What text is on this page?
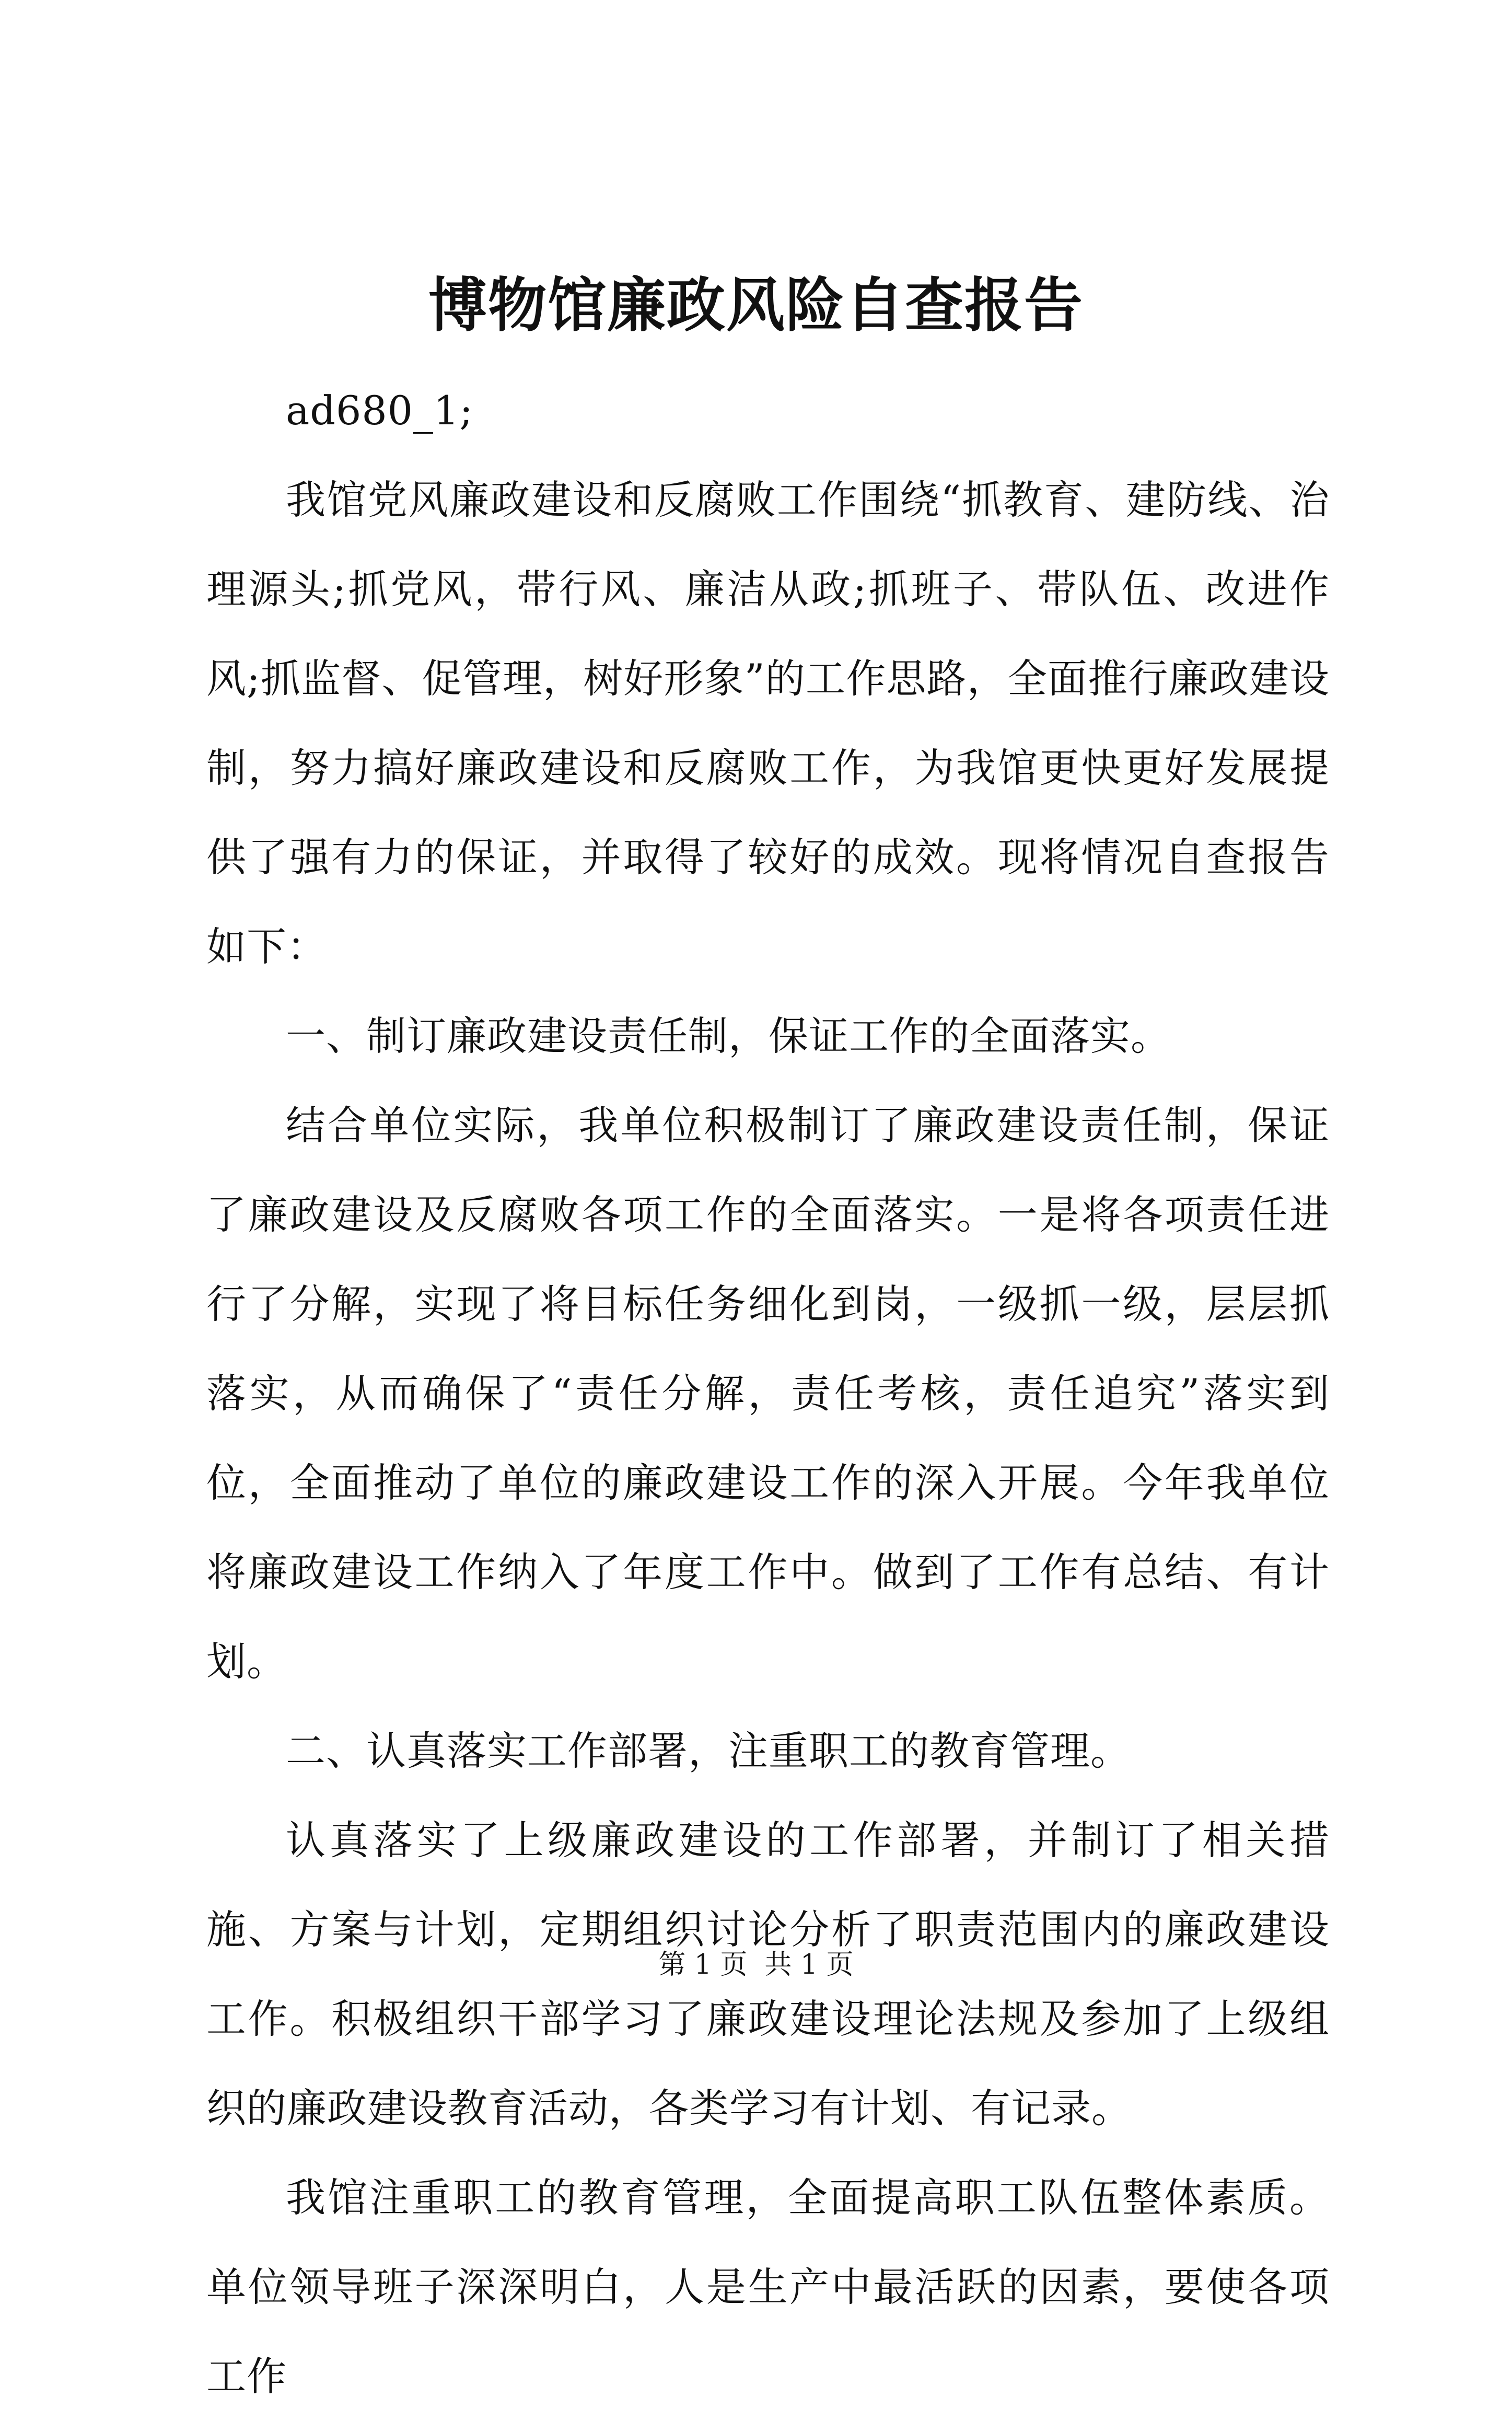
博物馆廉政风险自查报告

ad680_1;

我馆党风廉政建设和反腐败工作围绕“抓教育、建防线、治理源头;抓党风，带行风、廉洁从政;抓班子、带队伍、改进作风;抓监督、促管理，树好形象”的工作思路，全面推行廉政建设制，努力搞好廉政建设和反腐败工作，为我馆更快更好发展提供了强有力的保证，并取得了较好的成效。现将情况自查报告如下：

一、制订廉政建设责任制，保证工作的全面落实。

结合单位实际，我单位积极制订了廉政建设责任制，保证了廉政建设及反腐败各项工作的全面落实。一是将各项责任进行了分解，实现了将目标任务细化到岗，一级抓一级，层层抓落实，从而确保了“责任分解，责任考核，责任追究”落实到位，全面推动了单位的廉政建设工作的深入开展。今年我单位将廉政建设工作纳入了年度工作中。做到了工作有总结、有计划。

二、认真落实工作部署，注重职工的教育管理。

认真落实了上级廉政建设的工作部署，并制订了相关措施、方案与计划，定期组织讨论分析了职责范围内的廉政建设工作。积极组织干部学习了廉政建设理论法规及参加了上级组织的廉政建设教育活动，各类学习有计划、有记录。

我馆注重职工的教育管理，全面提高职工队伍整体素质。单位领导班子深深明白，人是生产中最活跃的因素，要使各项工作

第 1 页  共 1 页
